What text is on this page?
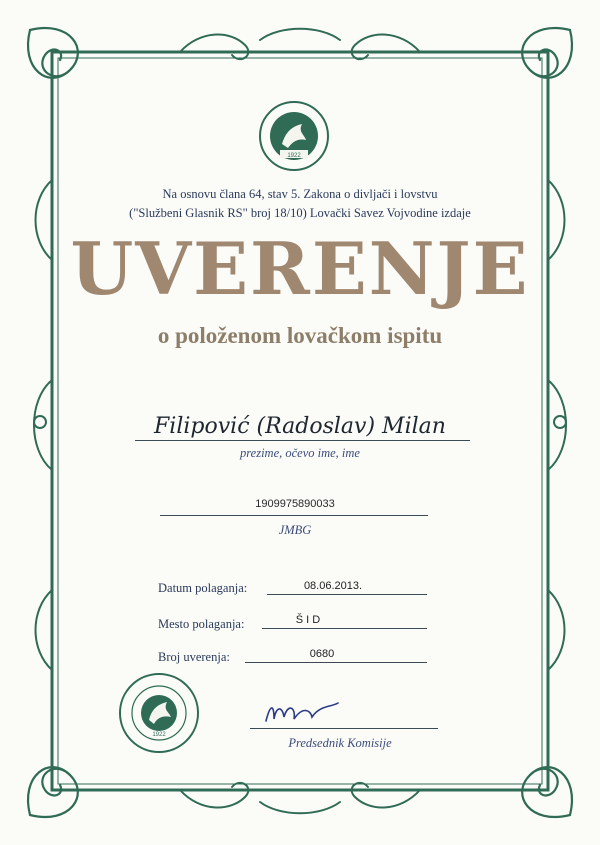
1922
Na osnovu člana 64, stav 5. Zakona o divljači i lovstvu
("Službeni Glasnik RS" broj 18/10) Lovački Savez Vojvodine izdaje
UVERENJE
o položenom lovačkom ispitu
Filipović (Radoslav) Milan
prezime, očevo ime, ime
1909975890033
JMBG
Datum polaganja:	08.06.2013.
Mesto polaganja:	Š I D
Broj uverenja:	0680
1922
Predsednik Komisije
